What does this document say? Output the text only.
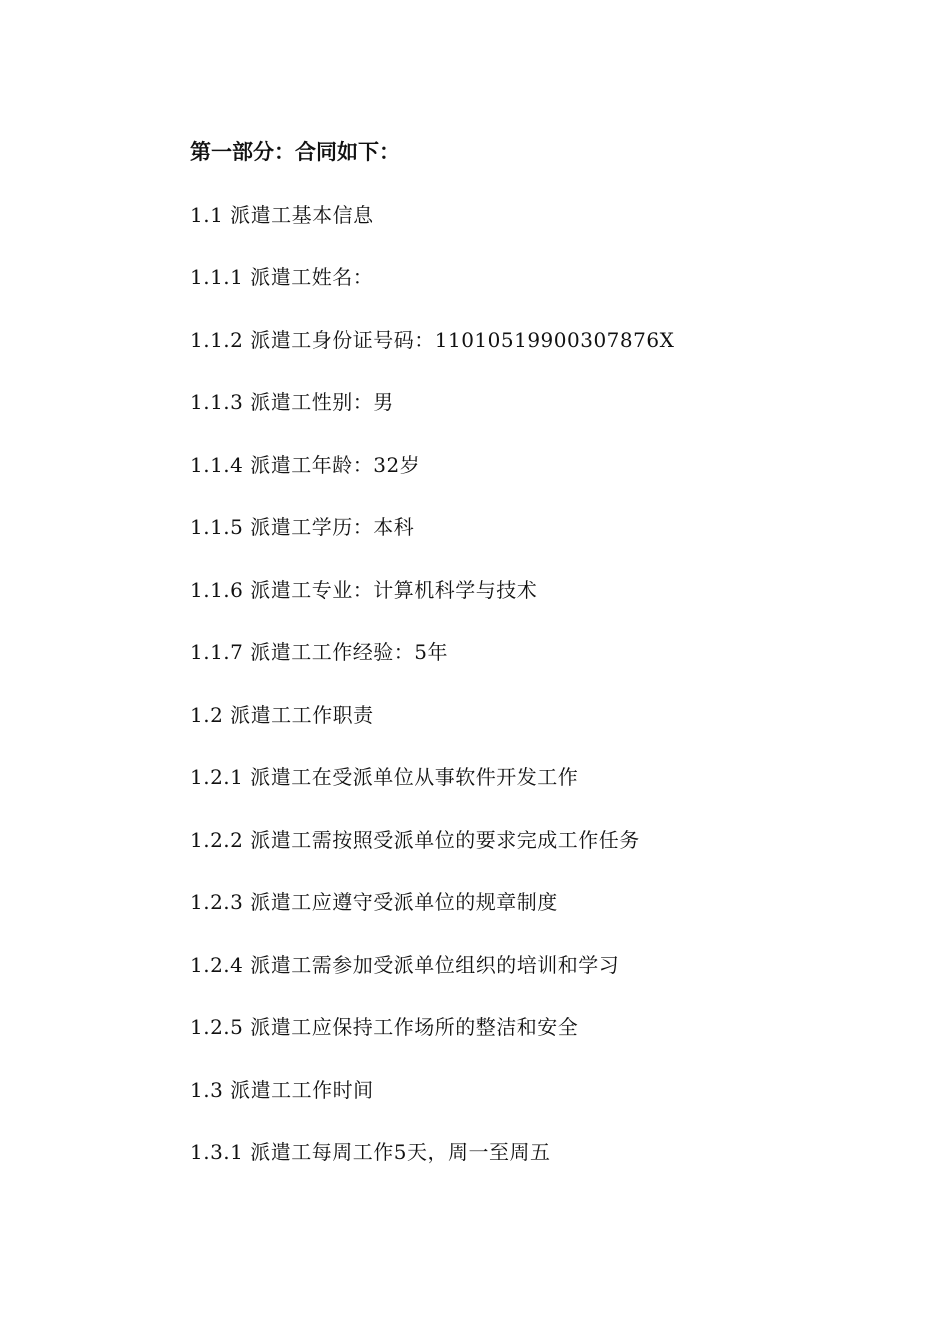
第一部分：合同如下：
1.1 派遣工基本信息
1.1.1 派遣工姓名：
1.1.2 派遣工身份证号码：11010519900307876X
1.1.3 派遣工性别：男
1.1.4 派遣工年龄：32岁
1.1.5 派遣工学历：本科
1.1.6 派遣工专业：计算机科学与技术
1.1.7 派遣工工作经验：5年
1.2 派遣工工作职责
1.2.1 派遣工在受派单位从事软件开发工作
1.2.2 派遣工需按照受派单位的要求完成工作任务
1.2.3 派遣工应遵守受派单位的规章制度
1.2.4 派遣工需参加受派单位组织的培训和学习
1.2.5 派遣工应保持工作场所的整洁和安全
1.3 派遣工工作时间
1.3.1 派遣工每周工作5天，周一至周五
